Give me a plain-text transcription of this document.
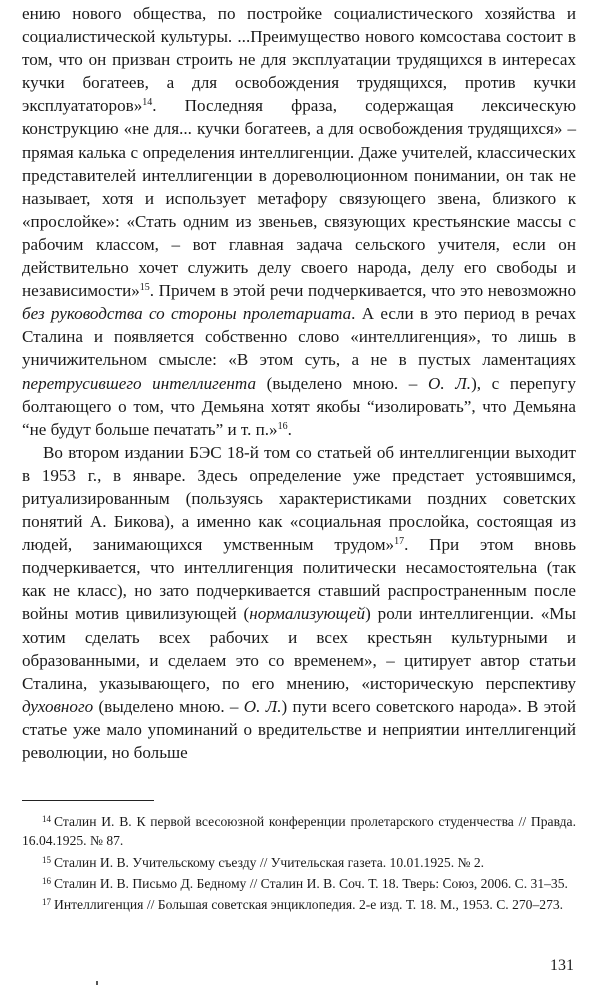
ению нового общества, по постройке социалистического хозяйства и социалистической культуры. ...Преимущество нового комсостава состоит в том, что он призван строить не для эксплуатации трудящихся в интересах кучки богатеев, а для освобождения трудящихся, против кучки эксплуататоров»$^{14}$. Последняя фраза, содержащая лексическую конструкцию «не для... кучки богатеев, а для освобождения трудящихся» – прямая калька с определения интеллигенции. Даже учителей, классических представителей интеллигенции в дореволюционном понимании, он так не называет, хотя и использует метафору связующего звена, близкого к «прослойке»: «Стать одним из звеньев, связующих крестьянские массы с рабочим классом, – вот главная задача сельского учителя, если он действительно хочет служить делу своего народа, делу его свободы и независимости»$^{15}$. Причем в этой речи подчеркивается, что это невозможно без руководства со стороны пролетариата. А если в это период в речах Сталина и появляется собственно слово «интеллигенция», то лишь в уничижительном смысле: «В этом суть, а не в пустых ламентациях перетрусившего интеллигента (выделено мною. – О. Л.), с перепугу болтающего о том, что Демьяна хотят якобы “изолировать”, что Демьяна “не будут больше печатать” и т. п.»$^{16}$.

Во втором издании БЭС 18-й том со статьей об интеллигенции выходит в 1953 г., в январе. Здесь определение уже предстает устоявшимся, ритуализированным (пользуясь характеристиками поздних советских понятий А. Бикова), а именно как «социальная прослойка, состоящая из людей, занимающихся умственным трудом»$^{17}$. При этом вновь подчеркивается, что интеллигенция политически несамостоятельна (так как не класс), но зато подчеркивается ставший распространенным после войны мотив цивилизующей (нормализующей) роли интеллигенции. «Мы хотим сделать всех рабочих и всех крестьян культурными и образованными, и сделаем это со временем», – цитирует автор статьи Сталина, указывающего, по его мнению, «историческую перспективу духовного (выделено мною. – О. Л.) пути всего советского народа». В этой статье уже мало упоминаний о вредительстве и неприятии интеллигенций революции, но больше

$^{14}$ Сталин И. В. К первой всесоюзной конференции пролетарского студенчества // Правда. 16.04.1925. № 87.

$^{15}$ Сталин И. В. Учительскому съезду // Учительская газета. 10.01.1925. № 2.

$^{16}$ Сталин И. В. Письмо Д. Бедному // Сталин И. В. Соч. Т. 18. Тверь: Союз, 2006. С. 31–35.

$^{17}$ Интеллигенция // Большая советская энциклопедия. 2-е изд. Т. 18. М., 1953. С. 270–273.

131
